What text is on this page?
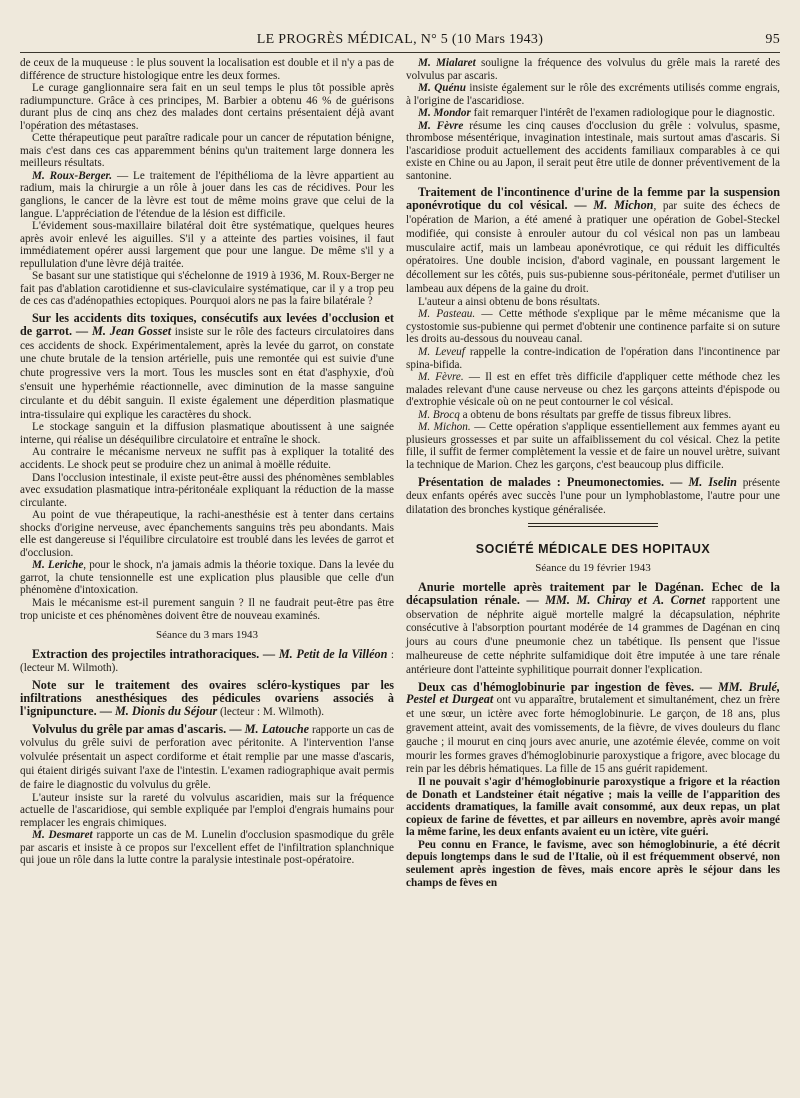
LE PROGRÈS MÉDICAL, N° 5 (10 Mars 1943)	95

de ceux de la muqueuse : le plus souvent la localisation est double et il n'y a pas de différence de structure histologique entre les deux formes.

Le curage ganglionnaire sera fait en un seul temps le plus tôt possible après radiumpuncture. Grâce à ces principes, M. Barbier a obtenu 46 % de guérisons durant plus de cinq ans chez des malades dont certains présentaient déjà avant l'opération des métastases.

Cette thérapeutique peut paraître radicale pour un cancer de réputation bénigne, mais c'est dans ces cas apparemment bénins qu'un traitement large donnera les meilleurs résultats.

M. Roux-Berger. — Le traitement de l'épithélioma de la lèvre appartient au radium, mais la chirurgie a un rôle à jouer dans les cas de récidives. Pour les ganglions, le cancer de la lèvre est tout de même moins grave que celui de la langue. L'appréciation de l'étendue de la lésion est difficile.

L'évidement sous-maxillaire bilatéral doit être systématique, quelques heures après avoir enlevé les aiguilles. S'il y a atteinte des parties voisines, il faut immédiatement opérer aussi largement que pour une langue. De même s'il y a repullulation d'une lèvre déjà traitée.

Se basant sur une statistique qui s'échelonne de 1919 à 1936, M. Roux-Berger ne fait pas d'ablation carotidienne et sus-claviculaire systématique, car il y a trop peu de ces cas d'adénopathies ectopiques. Pourquoi alors ne pas la faire bilatérale ?

Sur les accidents dits toxiques, consécutifs aux levées d'occlusion et de garrot. — M. Jean Gosset insiste sur le rôle des facteurs circulatoires dans ces accidents de shock. Expérimentalement, après la levée du garrot, on constate une chute brutale de la tension artérielle, puis une remontée qui est suivie d'une chute progressive vers la mort. Tous les muscles sont en état d'asphyxie, d'où s'ensuit une hyperhémie réactionnelle, avec diminution de la masse sanguine circulante et du débit sanguin. Il existe également une déperdition plasmatique intra-tissulaire qui explique les caractères du shock.

Le stockage sanguin et la diffusion plasmatique aboutissent à une saignée interne, qui réalise un déséquilibre circulatoire et entraîne le shock.

Au contraire le mécanisme nerveux ne suffit pas à expliquer la totalité des accidents. Le shock peut se produire chez un animal à moëlle réduite.

Dans l'occlusion intestinale, il existe peut-être aussi des phénomènes semblables avec exsudation plasmatique intra-péritonéale expliquant la réduction de la masse circulante.

Au point de vue thérapeutique, la rachi-anesthésie est à tenter dans certains shocks d'origine nerveuse, avec épanchements sanguins très peu abondants. Mais elle est dangereuse si l'équilibre circulatoire est troublé dans les levées de garrot et d'occlusion.

M. Leriche, pour le shock, n'a jamais admis la théorie toxique. Dans la levée du garrot, la chute tensionnelle est une explication plus plausible que celle d'un phénomène d'intoxication.

Mais le mécanisme est-il purement sanguin ? Il ne faudrait peut-être pas être trop uniciste et ces phénomènes doivent être de nouveau examinés.

Séance du 3 mars 1943

Extraction des projectiles intrathoraciques. — M. Petit de la Villéon : (lecteur M. Wilmoth).

Note sur le traitement des ovaires scléro-kystiques par les infiltrations anesthésiques des pédicules ovariens associés à l'ignipuncture. — M. Dionis du Séjour (lecteur : M. Wilmoth).

Volvulus du grêle par amas d'ascaris. — M. Latouche rapporte un cas de volvulus du grêle suivi de perforation avec péritonite. A l'intervention l'anse volvulée présentait un aspect cordiforme et était remplie par une masse d'ascaris, qui étaient dirigés suivant l'axe de l'intestin. L'examen radiographique avait permis de faire le diagnostic du volvulus du grêle.

L'auteur insiste sur la rareté du volvulus ascaridien, mais sur la fréquence actuelle de l'ascaridiose, qui semble expliquée par l'emploi d'engrais humains pour remplacer les engrais chimiques.

M. Desmaret rapporte un cas de M. Lunelin d'occlusion spasmodique du grêle par ascaris et insiste à ce propos sur l'excellent effet de l'infiltration splanchnique qui joue un rôle dans la lutte contre la paralysie intestinale post-opératoire.

M. Mialaret souligne la fréquence des volvulus du grêle mais la rareté des volvulus par ascaris.

M. Quénu insiste également sur le rôle des excréments utilisés comme engrais, à l'origine de l'ascaridiose.

M. Mondor fait remarquer l'intérêt de l'examen radiologique pour le diagnostic.

M. Fèvre résume les cinq causes d'occlusion du grêle : volvulus, spasme, thrombose mésentérique, invagination intestinale, mais surtout amas d'ascaris. Si l'ascaridiose produit actuellement des accidents familiaux comparables à ce qui existe en Chine ou au Japon, il serait peut être utile de donner préventivement de la santonine.

Traitement de l'incontinence d'urine de la femme par la suspension aponévrotique du col vésical. — M. Michon, par suite des échecs de l'opération de Marion, a été amené à pratiquer une opération de Gobel-Steckel modifiée, qui consiste à enrouler autour du col vésical non pas un lambeau musculaire actif, mais un lambeau aponévrotique, ce qui réduit les difficultés opératoires. Une double incision, d'abord vaginale, en poussant largement le décollement sur les côtés, puis sus-pubienne sous-péritonéale, permet d'utiliser un lambeau aux dépens de la gaine du droit.

L'auteur a ainsi obtenu de bons résultats.

M. Pasteau. — Cette méthode s'explique par le même mécanisme que la cystostomie sus-pubienne qui permet d'obtenir une continence parfaite si on suture les droits au-dessous du nouveau canal.

M. Leveuf rappelle la contre-indication de l'opération dans l'incontinence par spina-bifida.

M. Fèvre. — Il est en effet très difficile d'appliquer cette méthode chez les malades relevant d'une cause nerveuse ou chez les garçons atteints d'épispode ou d'extrophie vésicale où on ne peut contourner le col vésical.

M. Brocq a obtenu de bons résultats par greffe de tissus fibreux libres.

M. Michon. — Cette opération s'applique essentiellement aux femmes ayant eu plusieurs grossesses et par suite un affaiblissement du col vésical. Chez la petite fille, il suffit de fermer complètement la vessie et de faire un nouvel urètre, suivant la technique de Marion. Chez les garçons, c'est beaucoup plus difficile.

Présentation de malades : Pneumonectomies. — M. Iselin présente deux enfants opérés avec succès l'une pour un lymphoblastome, l'autre pour une dilatation des bronches kystique généralisée.

SOCIÉTÉ MÉDICALE DES HOPITAUX
Séance du 19 février 1943

Anurie mortelle après traitement par le Dagénan. Echec de la décapsulation rénale. — MM. M. Chiray et A. Cornet rapportent une observation de néphrite aiguë mortelle malgré la décapsulation, néphrite consécutive à l'absorption pourtant modérée de 14 grammes de Dagénan en cinq jours au cours d'une pneumonie chez un tabétique. Ils pensent que l'issue malheureuse de cette néphrite sulfamidique doit être imputée à une tare rénale antérieure dont l'atteinte syphilitique pourrait donner l'explication.

Deux cas d'hémoglobinurie par ingestion de fèves. — MM. Brulé, Pestel et Durgeat ont vu apparaître, brutalement et simultanément, chez un frère et une sœur, un ictère avec forte hémoglobinurie. Le garçon, de 18 ans, plus gravement atteint, avait des vomissements, de la fièvre, de vives douleurs du flanc gauche ; il mourut en cinq jours avec anurie, une azotémie élevée, comme on voit mourir les formes graves d'hémoglobinurie paroxystique a frigore, avec blocage du rein par les débris hématiques. La fille de 15 ans guérit rapidement.

Il ne pouvait s'agir d'hémoglobinurie paroxystique a frigore et la réaction de Donath et Landsteiner était négative ; mais la veille de l'apparition des accidents dramatiques, la famille avait consommé, aux deux repas, un plat copieux de farine de févettes, et par ailleurs en novembre, après avoir mangé la même farine, les deux enfants avaient eu un ictère, vite guéri.

Peu connu en France, le favisme, avec son hémoglobinurie, a été décrit depuis longtemps dans le sud de l'Italie, où il est fréquemment observé, non seulement après ingestion de fèves, mais encore après le séjour dans les champs de fèves en
